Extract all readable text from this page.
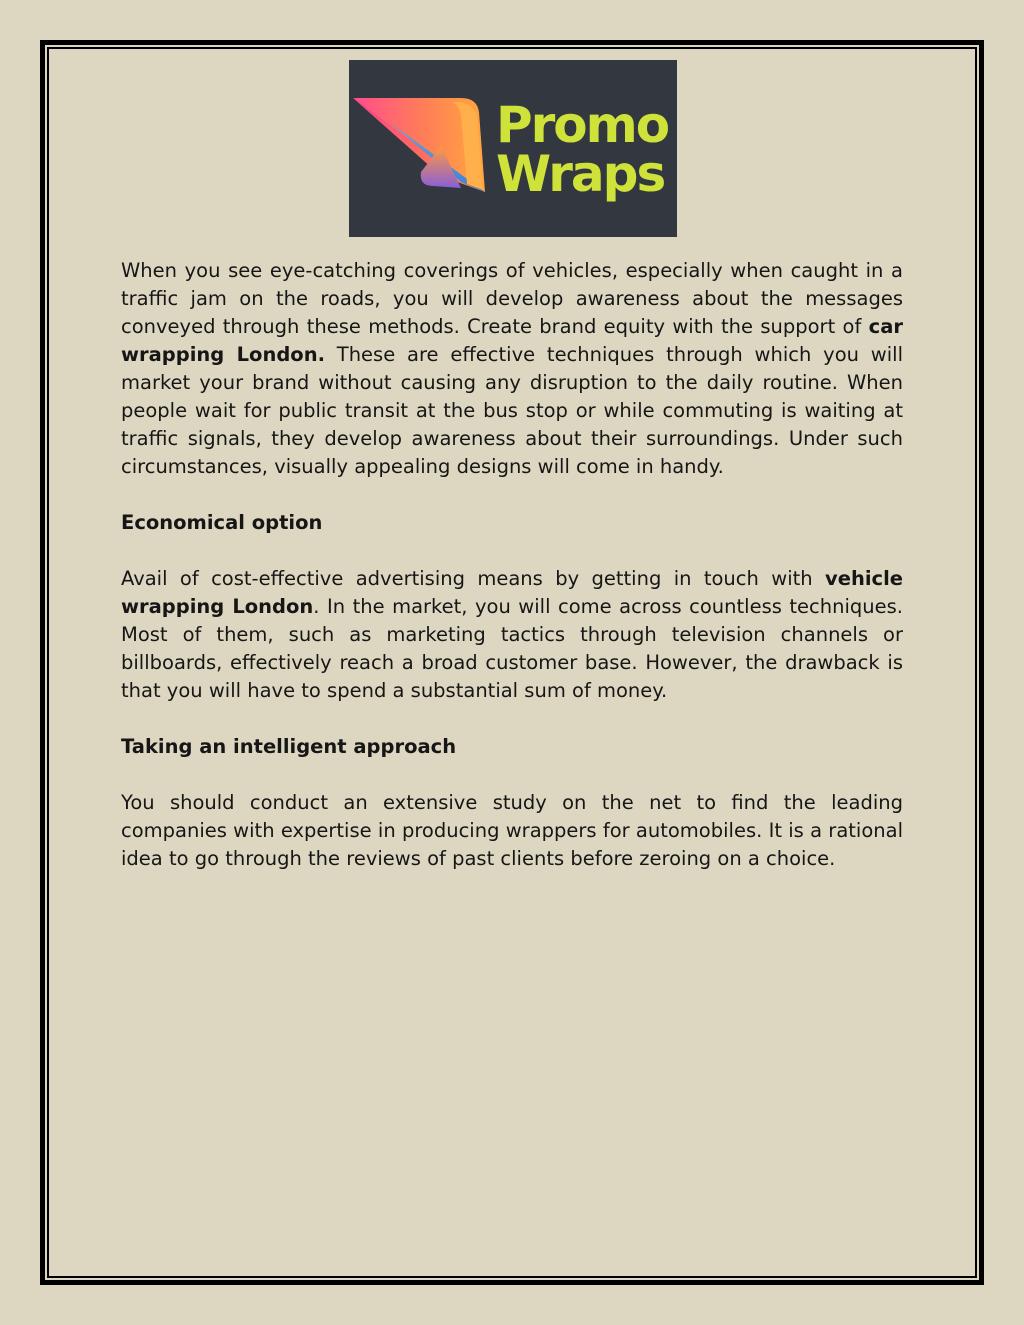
Promo
Wraps

When you see eye-catching coverings of vehicles, especially when caught in a traffic jam on the roads, you will develop awareness about the messages conveyed through these methods. Create brand equity with the support of car wrapping London. These are effective techniques through which you will market your brand without causing any disruption to the daily routine. When people wait for public transit at the bus stop or while commuting is waiting at traffic signals, they develop awareness about their surroundings. Under such circumstances, visually appealing designs will come in handy.

Economical option

Avail of cost-effective advertising means by getting in touch with vehicle wrapping London. In the market, you will come across countless techniques. Most of them, such as marketing tactics through television channels or billboards, effectively reach a broad customer base. However, the drawback is that you will have to spend a substantial sum of money.

Taking an intelligent approach

You should conduct an extensive study on the net to find the leading companies with expertise in producing wrappers for automobiles. It is a rational idea to go through the reviews of past clients before zeroing on a choice.
